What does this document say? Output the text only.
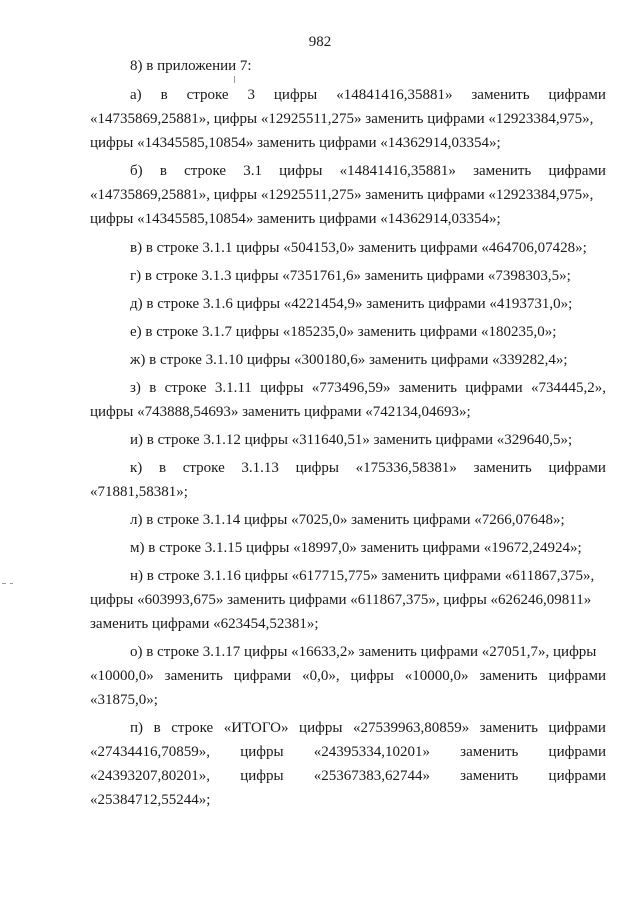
982
8) в приложении 7:
а) в строке 3 цифры «14841416,35881» заменить цифрами
«14735869,25881», цифры «12925511,275» заменить цифрами «12923384,975»,
цифры «14345585,10854» заменить цифрами «14362914,03354»;
б) в строке 3.1 цифры «14841416,35881» заменить цифрами
«14735869,25881», цифры «12925511,275» заменить цифрами «12923384,975»,
цифры «14345585,10854» заменить цифрами «14362914,03354»;
в) в строке 3.1.1 цифры «504153,0» заменить цифрами «464706,07428»;
г) в строке 3.1.3 цифры «7351761,6» заменить цифрами «7398303,5»;
д) в строке 3.1.6 цифры «4221454,9» заменить цифрами «4193731,0»;
е) в строке 3.1.7 цифры «185235,0» заменить цифрами «180235,0»;
ж) в строке 3.1.10 цифры «300180,6» заменить цифрами «339282,4»;
з) в строке 3.1.11 цифры «773496,59» заменить цифрами «734445,2»,
цифры «743888,54693» заменить цифрами «742134,04693»;
и) в строке 3.1.12 цифры «311640,51» заменить цифрами «329640,5»;
к) в строке 3.1.13 цифры «175336,58381» заменить цифрами
«71881,58381»;
л) в строке 3.1.14 цифры «7025,0» заменить цифрами «7266,07648»;
м) в строке 3.1.15 цифры «18997,0» заменить цифрами «19672,24924»;
н) в строке 3.1.16 цифры «617715,775» заменить цифрами «611867,375»,
цифры «603993,675» заменить цифрами «611867,375», цифры «626246,09811»
заменить цифрами «623454,52381»;
о) в строке 3.1.17 цифры «16633,2» заменить цифрами «27051,7», цифры
«10000,0» заменить цифрами «0,0», цифры «10000,0» заменить цифрами
«31875,0»;
п) в строке «ИТОГО» цифры «27539963,80859» заменить цифрами
«27434416,70859», цифры «24395334,10201» заменить цифрами
«24393207,80201», цифры «25367383,62744» заменить цифрами
«25384712,55244»;
